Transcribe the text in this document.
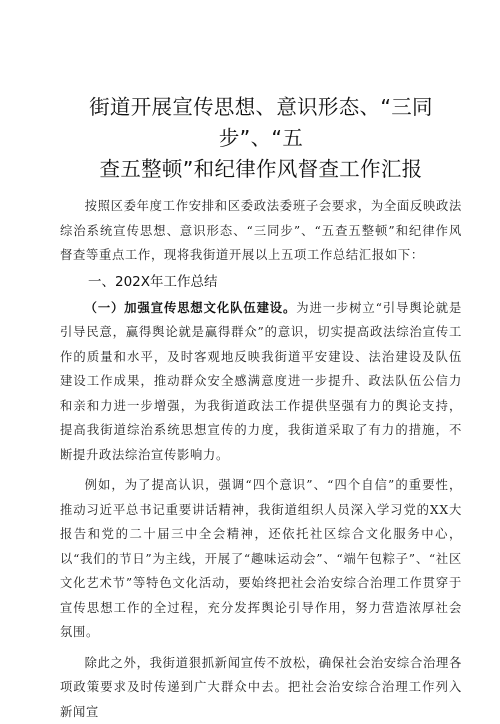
街道开展宣传思想、意识形态、“三同步”、“五
查五整顿”和纪律作风督查工作汇报

按照区委年度工作安排和区委政法委班子会要求，为全面反映政法综治系统宣传思想、意识形态、“三同步”、“五查五整顿”和纪律作风督查等重点工作，现将我街道开展以上五项工作总结汇报如下：

一、202X年工作总结

（一）加强宣传思想文化队伍建设。为进一步树立“引导舆论就是引导民意，赢得舆论就是赢得群众”的意识，切实提高政法综治宣传工作的质量和水平，及时客观地反映我街道平安建设、法治建设及队伍建设工作成果，推动群众安全感满意度进一步提升、政法队伍公信力和亲和力进一步增强，为我街道政法工作提供坚强有力的舆论支持，提高我街道综治系统思想宣传的力度，我街道采取了有力的措施，不断提升政法综治宣传影响力。

例如，为了提高认识，强调“四个意识”、“四个自信”的重要性，推动习近平总书记重要讲话精神，我街道组织人员深入学习党的XX大报告和党的二十届三中全会精神，还依托社区综合文化服务中心，以“我们的节日”为主线，开展了“趣味运动会”、“端午包粽子”、“社区文化艺术节”等特色文化活动，要始终把社会治安综合治理工作贯穿于宣传思想工作的全过程，充分发挥舆论引导作用，努力营造浓厚社会氛围。

除此之外，我街道狠抓新闻宣传不放松，确保社会治安综合治理各项政策要求及时传递到广大群众中去。把社会治安综合治理工作列入新闻宣
